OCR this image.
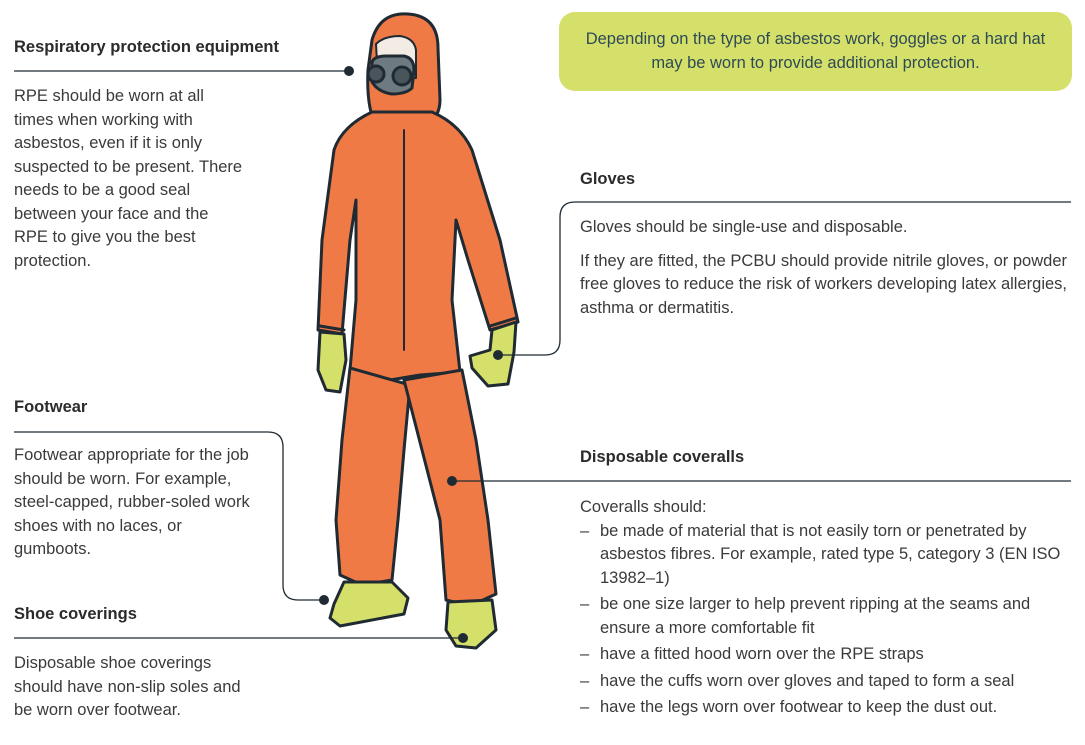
Depending on the type of asbestos work, goggles or a hard hat may be worn to provide additional protection.
Respiratory protection equipment
RPE should be worn at all times when working with asbestos, even if it is only suspected to be present. There needs to be a good seal between your face and the RPE to give you the best protection.
Gloves

Gloves should be single-use and disposable.

If they are fitted, the PCBU should provide nitrile gloves, or powder free gloves to reduce the risk of workers developing latex allergies, asthma or dermatitis.

Footwear
Footwear appropriate for the job should be worn. For example, steel-capped, rubber-soled work shoes with no laces, or gumboots.
Shoe coverings
Disposable shoe coverings should have non-slip soles and be worn over footwear.
Disposable coveralls

Coveralls should:

– be made of material that is not easily torn or penetrated by asbestos fibres. For example, rated type 5, category 3 (EN ISO 13982–1)
– be one size larger to help prevent ripping at the seams and ensure a more comfortable fit
– have a fitted hood worn over the RPE straps
– have the cuffs worn over gloves and taped to form a seal
– have the legs worn over footwear to keep the dust out.
